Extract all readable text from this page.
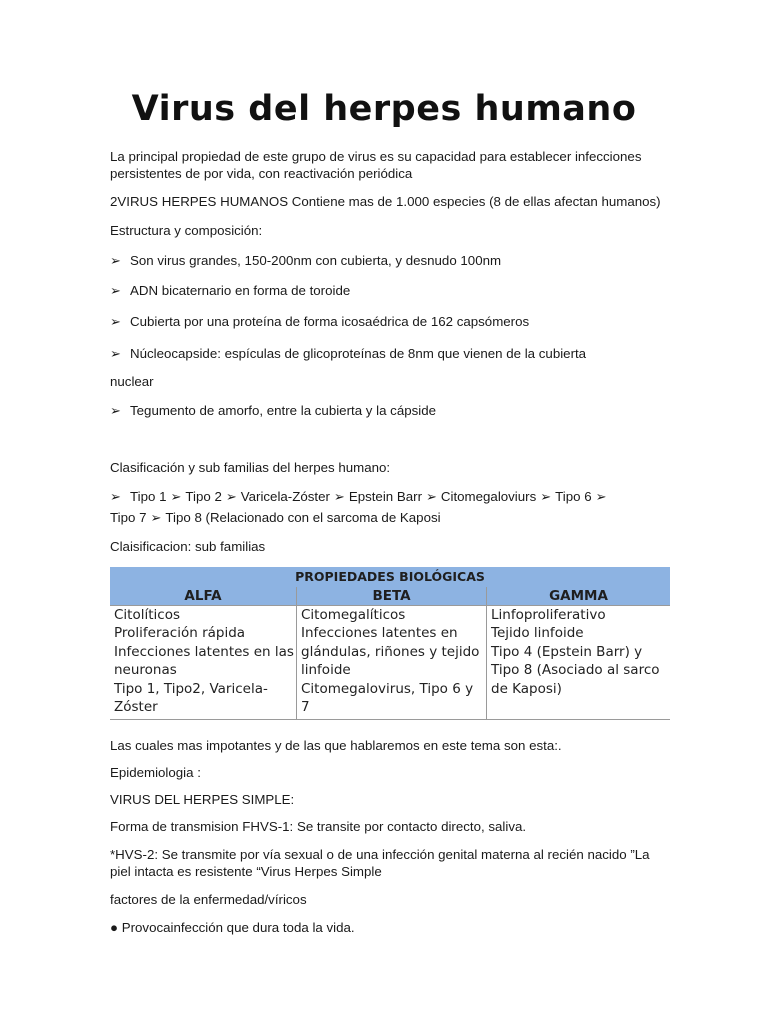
Virus del herpes humano
La principal propiedad de este grupo de virus es su capacidad para establecer infecciones persistentes de por vida, con reactivación periódica
2VIRUS HERPES HUMANOS Contiene mas de 1.000 especies (8 de ellas afectan humanos)
Estructura y composición:
➢ Son virus grandes, 150-200nm con cubierta, y desnudo 100nm
➢ ADN bicaternario en forma de toroide
➢ Cubierta por una proteína de forma icosaédrica de 162 capsómeros
➢ Núcleocapside: espículas de glicoproteínas de 8nm que vienen de la cubierta
nuclear
➢ Tegumento de amorfo, entre la cubierta y la cápside
Clasificación y sub familias del herpes humano:
➢ Tipo 1 ➢ Tipo 2 ➢ Varicela-Zóster ➢ Epstein Barr ➢ Citomegaloviurs ➢ Tipo 6 ➢
Tipo 7 ➢ Tipo 8 (Relacionado con el sarcoma de Kaposi
Claisificacion: sub familias
PROPIEDADES BIOLÓGICAS
ALFA	BETA	GAMMA
Citolíticos
Proliferación rápida
Infecciones latentes en las
neuronas
Tipo 1, Tipo2, Varicela-
Zóster
Citomegalíticos
Infecciones latentes en
glándulas, riñones y tejido
linfoide
Citomegalovirus, Tipo 6 y
7
Linfoproliferativo
Tejido linfoide
Tipo 4 (Epstein Barr) y
Tipo 8 (Asociado al sarco
de Kaposi)
Las cuales mas impotantes y de las que hablaremos en este tema son esta:.
Epidemiologia :
VIRUS DEL HERPES SIMPLE:
Forma de transmision FHVS-1: Se transite por contacto directo, saliva.
*HVS-2: Se transmite por vía sexual o de una infección genital materna al recién nacido ”La piel intacta es resistente “Virus Herpes Simple
factores de la enfermedad/víricos
● Provocainfección que dura toda la vida.
